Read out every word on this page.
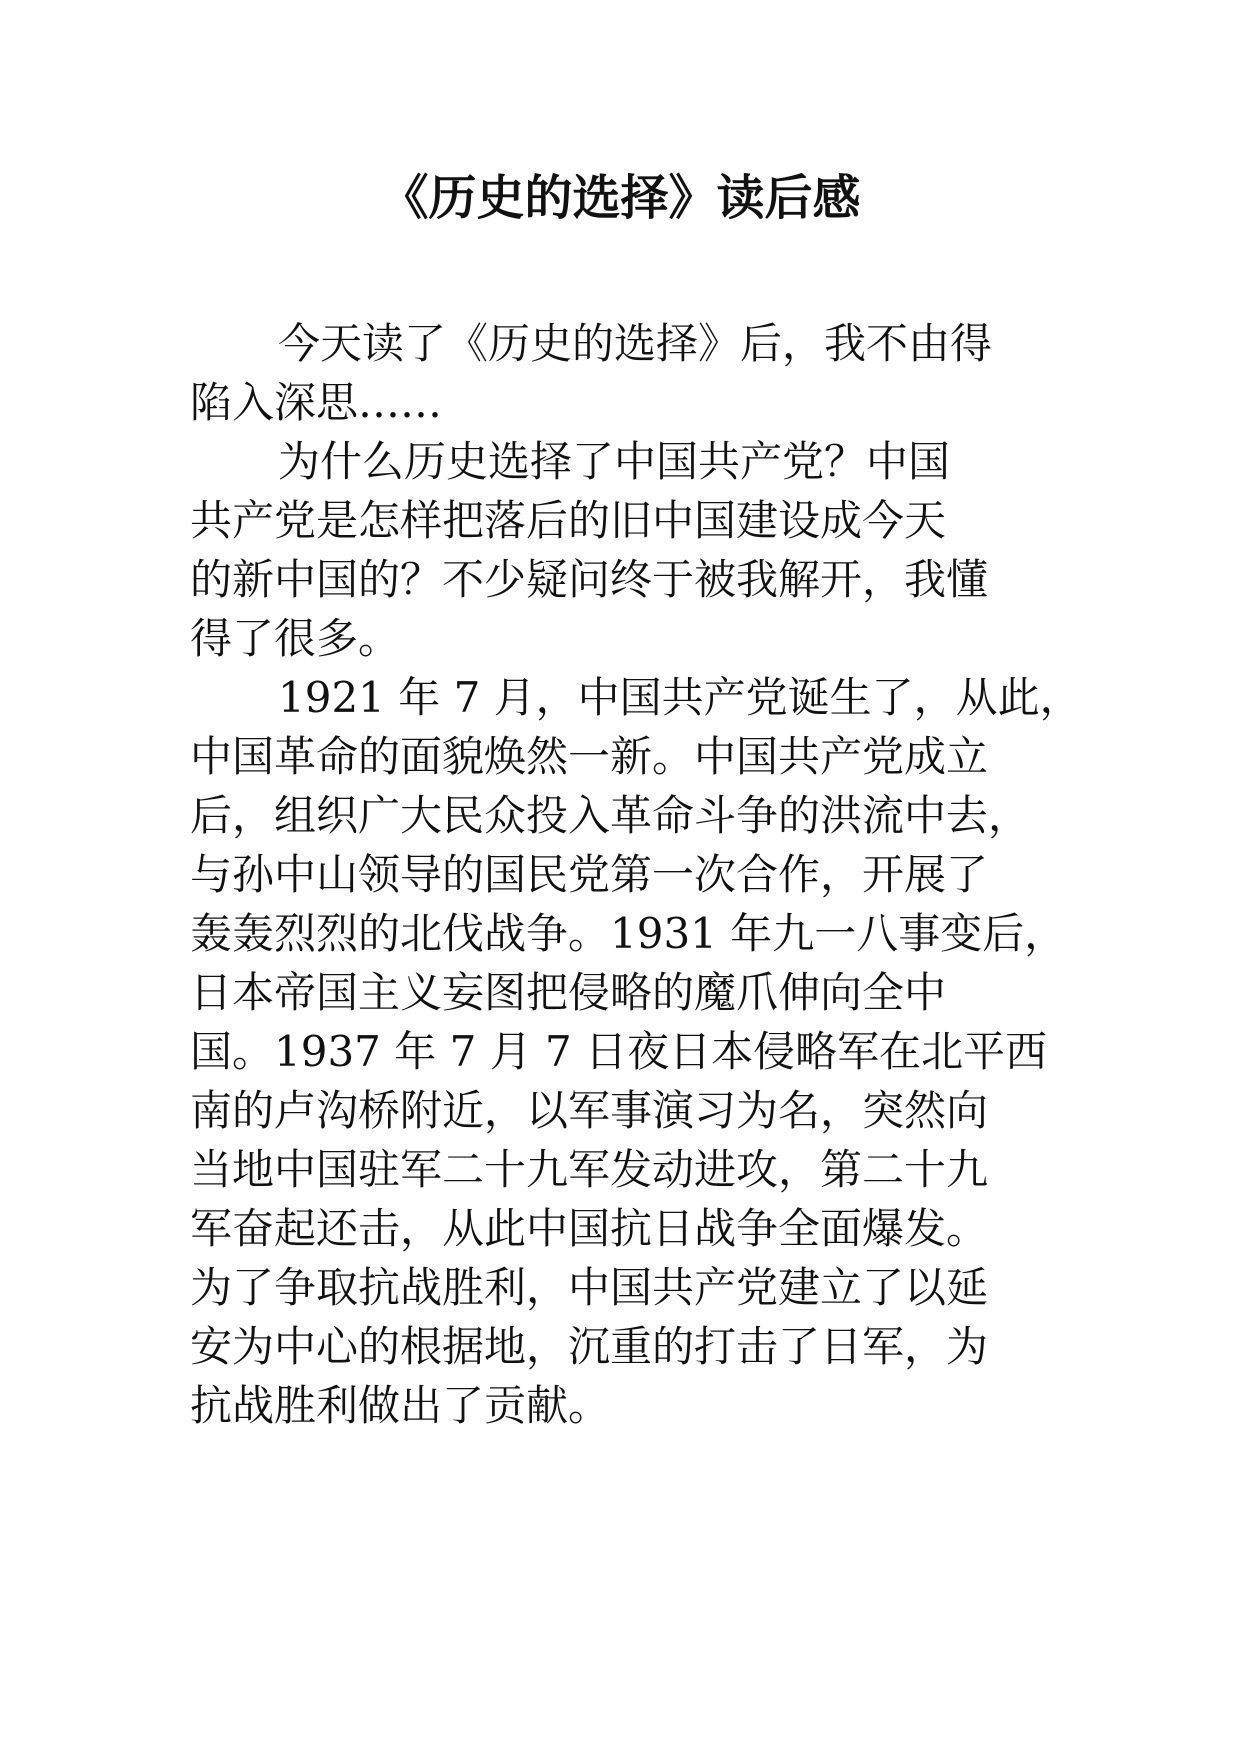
《历史的选择》读后感
今天读了《历史的选择》后，我不由得
陷入深思……
为什么历史选择了中国共产党？中国
共产党是怎样把落后的旧中国建设成今天
的新中国的？不少疑问终于被我解开，我懂
得了很多。
1921 年 7 月，中国共产党诞生了，从此，
中国革命的面貌焕然一新。中国共产党成立
后，组织广大民众投入革命斗争的洪流中去，
与孙中山领导的国民党第一次合作，开展了
轰轰烈烈的北伐战争。1931 年九一八事变后，
日本帝国主义妄图把侵略的魔爪伸向全中
国。1937 年 7 月 7 日夜日本侵略军在北平西
南的卢沟桥附近，以军事演习为名，突然向
当地中国驻军二十九军发动进攻，第二十九
军奋起还击，从此中国抗日战争全面爆发。
为了争取抗战胜利，中国共产党建立了以延
安为中心的根据地，沉重的打击了日军，为
抗战胜利做出了贡献。
